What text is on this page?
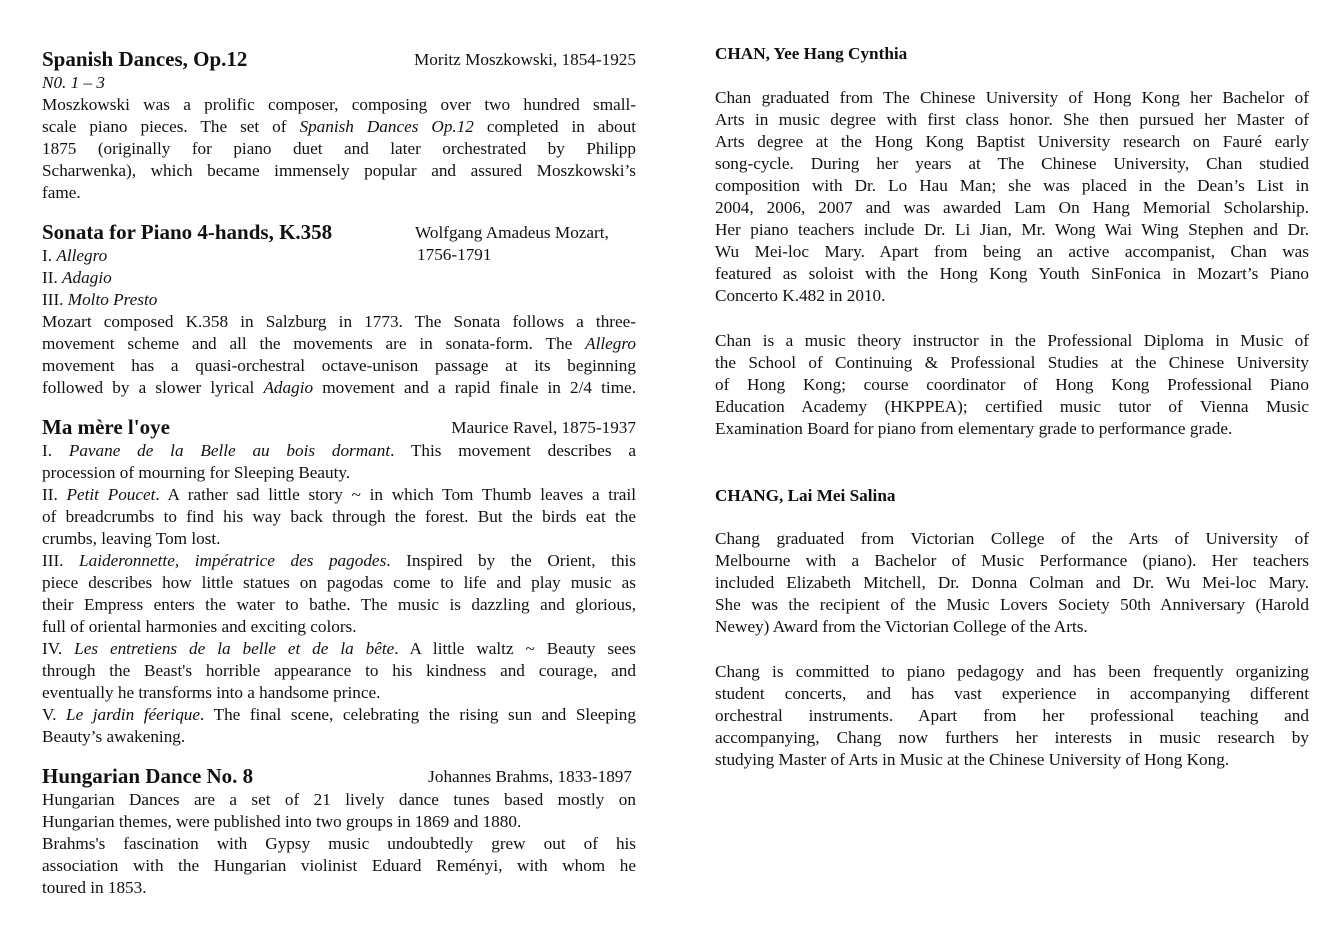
Spanish Dances, Op.12	Moritz Moszkowski, 1854-1925
N0. 1 – 3
Moszkowski was a prolific composer, composing over two hundred small-
scale piano pieces. The set of Spanish Dances Op.12 completed in about
1875 (originally for piano duet and later orchestrated by Philipp
Scharwenka), which became immensely popular and assured Moszkowski’s
fame.
Sonata for Piano 4-hands, K.358	Wolfgang Amadeus Mozart,
1756-1791
I. Allegro
II. Adagio
III. Molto Presto
Mozart composed K.358 in Salzburg in 1773. The Sonata follows a three-
movement scheme and all the movements are in sonata-form. The Allegro
movement has a quasi-orchestral octave-unison passage at its beginning
followed by a slower lyrical Adagio movement and a rapid finale in 2/4 time.
Ma mère l'oye	Maurice Ravel, 1875-1937
I. Pavane de la Belle au bois dormant. This movement describes a
procession of mourning for Sleeping Beauty.
II. Petit Poucet. A rather sad little story ~ in which Tom Thumb leaves a trail
of breadcrumbs to find his way back through the forest. But the birds eat the
crumbs, leaving Tom lost.
III. Laideronnette, impératrice des pagodes. Inspired by the Orient, this
piece describes how little statues on pagodas come to life and play music as
their Empress enters the water to bathe. The music is dazzling and glorious,
full of oriental harmonies and exciting colors.
IV. Les entretiens de la belle et de la bête. A little waltz ~ Beauty sees
through the Beast's horrible appearance to his kindness and courage, and
eventually he transforms into a handsome prince.
V. Le jardin féerique. The final scene, celebrating the rising sun and Sleeping
Beauty’s awakening.
Hungarian Dance No. 8	Johannes Brahms, 1833-1897
Hungarian Dances are a set of 21 lively dance tunes based mostly on
Hungarian themes, were published into two groups in 1869 and 1880.
Brahms's fascination with Gypsy music undoubtedly grew out of his
association with the Hungarian violinist Eduard Reményi, with whom he
toured in 1853.
CHAN, Yee Hang Cynthia
Chan graduated from The Chinese University of Hong Kong her Bachelor of
Arts in music degree with first class honor. She then pursued her Master of
Arts degree at the Hong Kong Baptist University research on Fauré early
song-cycle. During her years at The Chinese University, Chan studied
composition with Dr. Lo Hau Man; she was placed in the Dean’s List in
2004, 2006, 2007 and was awarded Lam On Hang Memorial Scholarship.
Her piano teachers include Dr. Li Jian, Mr. Wong Wai Wing Stephen and Dr.
Wu Mei-loc Mary. Apart from being an active accompanist, Chan was
featured as soloist with the Hong Kong Youth SinFonica in Mozart’s Piano
Concerto K.482 in 2010.
Chan is a music theory instructor in the Professional Diploma in Music of
the School of Continuing & Professional Studies at the Chinese University
of Hong Kong; course coordinator of Hong Kong Professional Piano
Education Academy (HKPPEA); certified music tutor of Vienna Music
Examination Board for piano from elementary grade to performance grade.
CHANG, Lai Mei Salina
Chang graduated from Victorian College of the Arts of University of
Melbourne with a Bachelor of Music Performance (piano). Her teachers
included Elizabeth Mitchell, Dr. Donna Colman and Dr. Wu Mei-loc Mary.
She was the recipient of the Music Lovers Society 50th Anniversary (Harold
Newey) Award from the Victorian College of the Arts.
Chang is committed to piano pedagogy and has been frequently organizing
student concerts, and has vast experience in accompanying different
orchestral instruments. Apart from her professional teaching and
accompanying, Chang now furthers her interests in music research by
studying Master of Arts in Music at the Chinese University of Hong Kong.
